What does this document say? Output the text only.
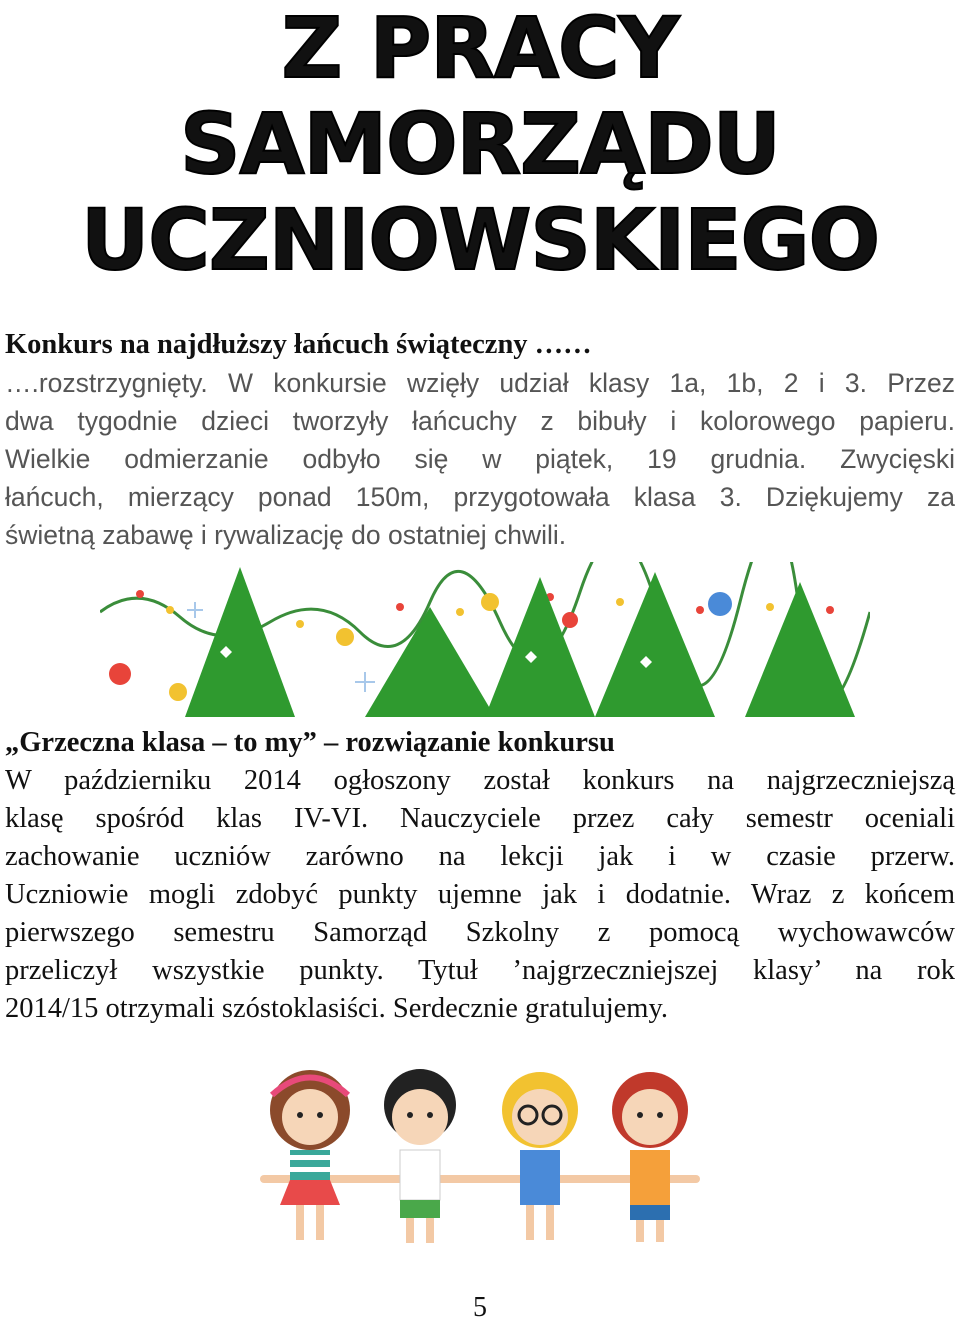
Z PRACY
SAMORZĄDU
UCZNIOWSKIEGO
Konkurs na najdłuższy łańcuch świąteczny ……
….rozstrzygnięty. W konkursie wzięły udział klasy 1a, 1b, 2 i 3. Przez
dwa tygodnie dzieci tworzyły łańcuchy z bibuły i kolorowego papieru.
Wielkie odmierzanie odbyło się w piątek, 19 grudnia. Zwycięski
łańcuch, mierzący ponad 150m, przygotowała klasa 3. Dziękujemy za
świetną zabawę i rywalizację do ostatniej chwili.
„Grzeczna klasa – to my” – rozwiązanie konkursu
W październiku 2014 ogłoszony został konkurs na najgrzeczniejszą
klasę spośród klas IV-VI. Nauczyciele przez cały semestr oceniali
zachowanie uczniów zarówno na lekcji jak i w czasie przerw.
Uczniowie mogli zdobyć punkty ujemne jak i dodatnie. Wraz z końcem
pierwszego semestru Samorząd Szkolny z pomocą wychowawców
przeliczył wszystkie punkty. Tytuł ’najgrzeczniejszej klasy’ na rok
2014/15 otrzymali szóstoklasiści. Serdecznie gratulujemy.
5
